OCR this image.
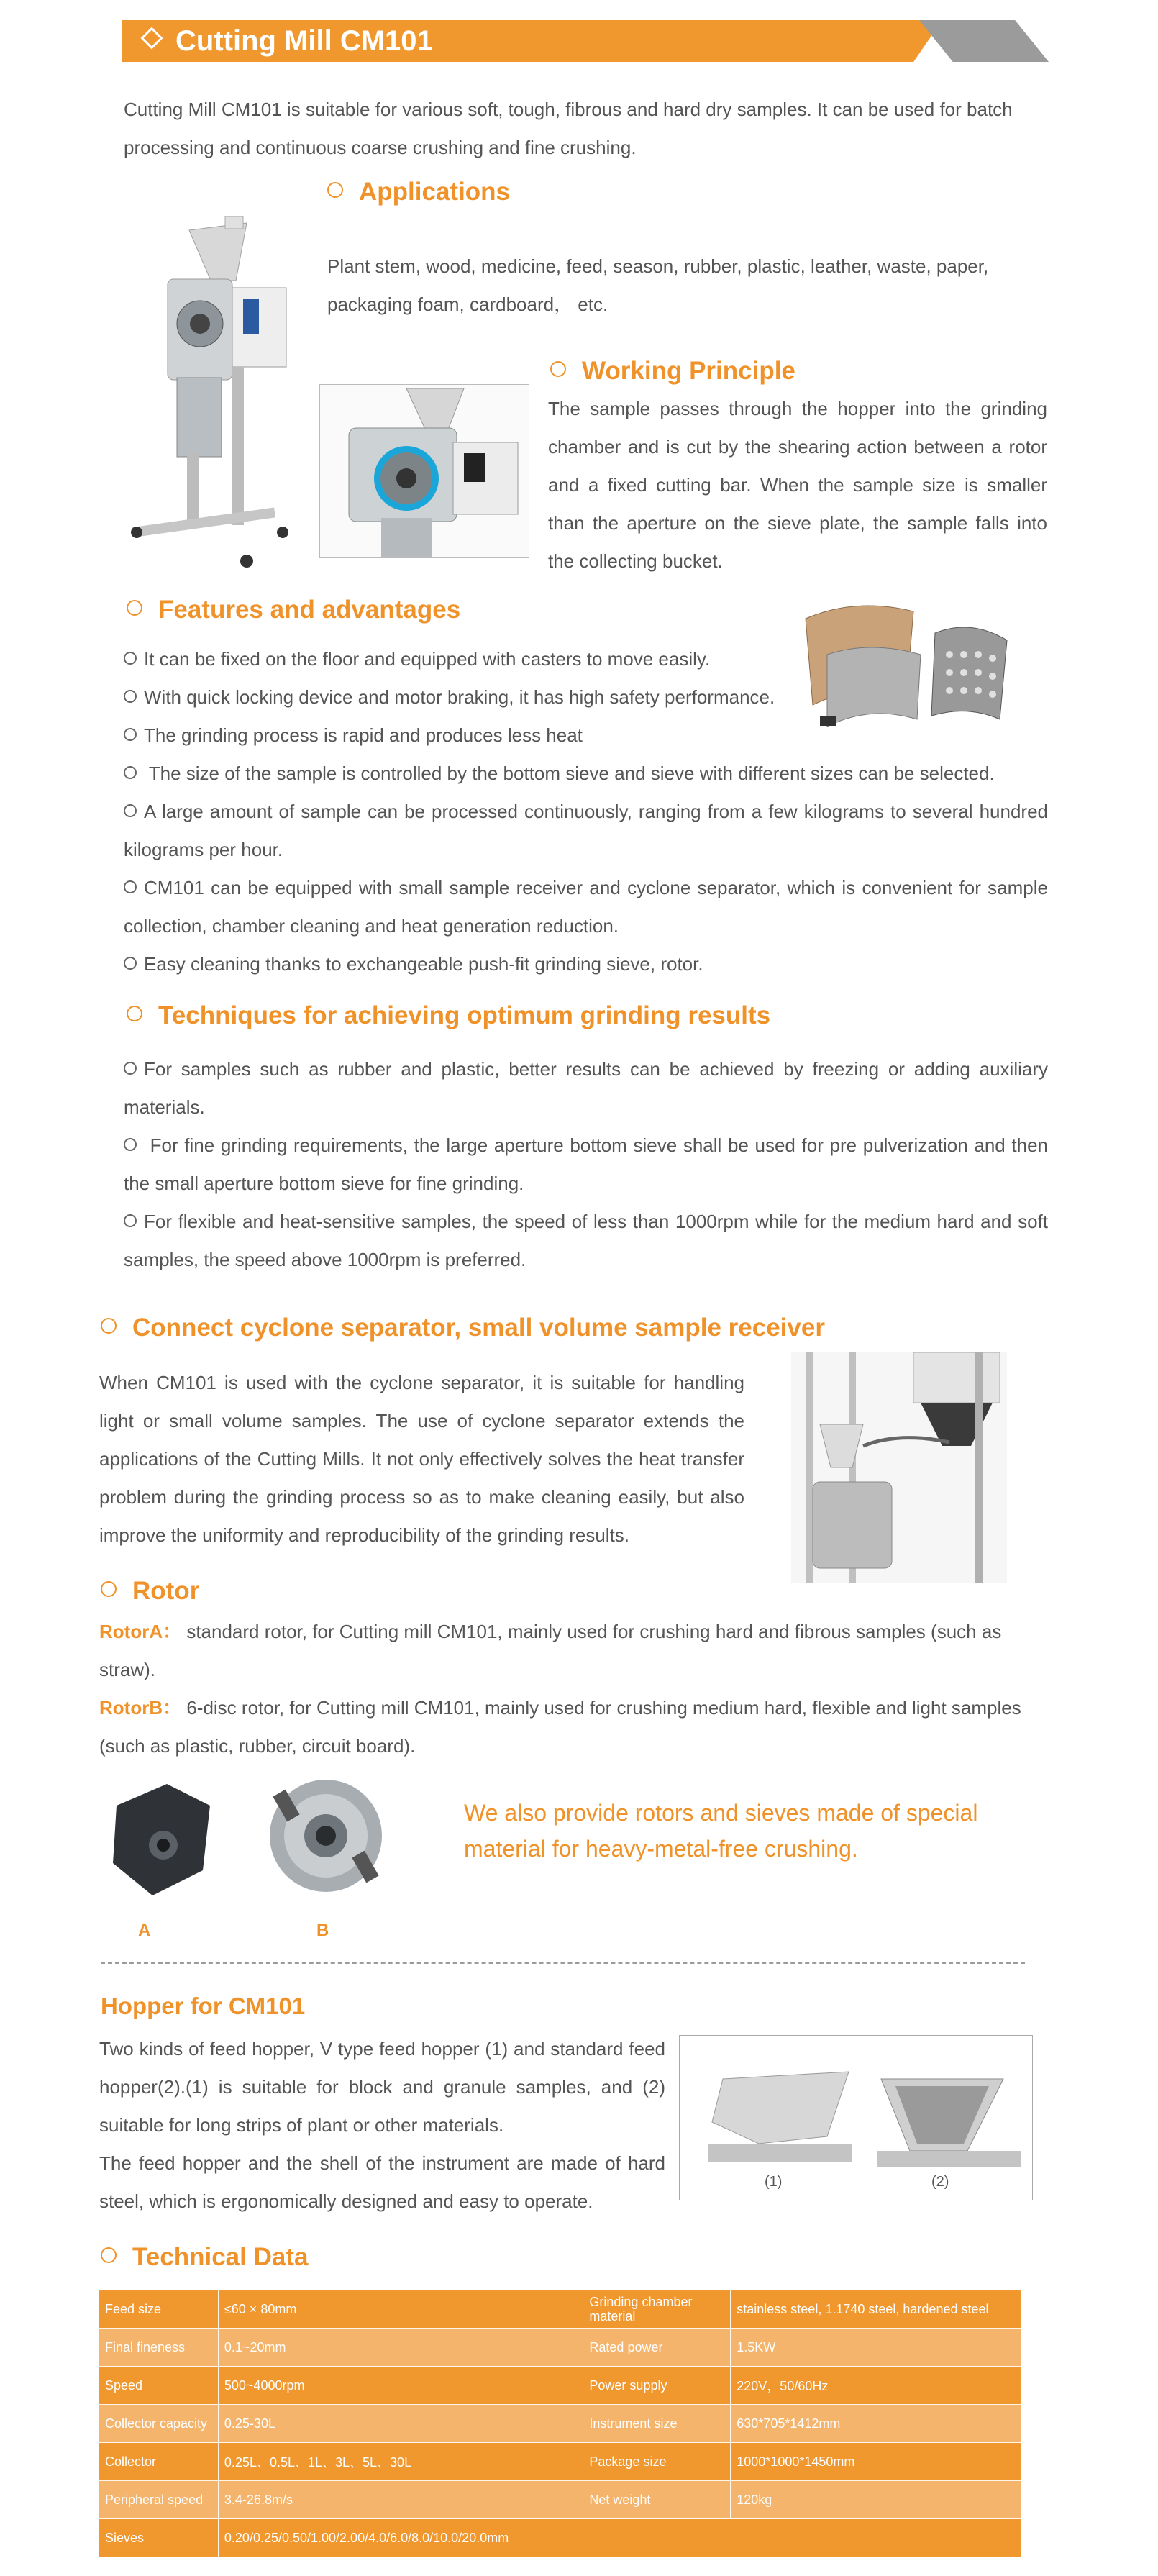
Cutting Mill CM101
Cutting Mill CM101 is suitable for various soft, tough, fibrous and hard dry samples. It can be used for batch processing and continuous coarse crushing and fine crushing.
Applications
Plant stem, wood, medicine, feed, season, rubber, plastic, leather, waste, paper, packaging foam, cardboard， etc.
Working Principle
The sample passes through the hopper into the grinding chamber and is cut by the shearing action between a rotor and a fixed cutting bar. When the sample size is smaller than the aperture on the sieve plate, the sample falls into the collecting bucket.
Features and advantages
It can be fixed on the floor and equipped with casters to move easily.
With quick locking device and motor braking, it has high safety performance.
The grinding process is rapid and produces less heat
The size of the sample is controlled by the bottom sieve and sieve with different sizes can be selected.
A large amount of sample can be processed continuously, ranging from a few kilograms to several hundred kilograms per hour.
CM101 can be equipped with small sample receiver and cyclone separator, which is convenient for sample collection, chamber cleaning and heat generation reduction.
Easy cleaning thanks to exchangeable push-fit grinding sieve, rotor.
Techniques for achieving optimum grinding results
For samples such as rubber and plastic, better results can be achieved by freezing or adding auxiliary materials.
For fine grinding requirements, the large aperture bottom sieve shall be used for pre pulverization and then the small aperture bottom sieve for fine grinding.
For flexible and heat-sensitive samples, the speed of less than 1000rpm while for the medium hard and soft samples, the speed above 1000rpm is preferred.
Connect cyclone separator, small volume sample receiver
When CM101 is used with the cyclone separator, it is suitable for handling light or small volume samples. The use of cyclone separator extends the applications of the Cutting Mills. It not only effectively solves the heat transfer problem during the grinding process so as to make cleaning easily, but also improve the uniformity and reproducibility of the grinding results.
Rotor
RotorA： standard rotor, for Cutting mill CM101, mainly used for crushing hard and fibrous samples (such as straw).
RotorB： 6-disc rotor, for Cutting mill CM101, mainly used for crushing medium hard, flexible and light samples (such as plastic, rubber, circuit board).
A	B
We also provide rotors and sieves made of special material for heavy-metal-free crushing.
Hopper for CM101
Two kinds of feed hopper, V type feed hopper (1) and standard feed hopper(2).(1) is suitable for block and granule samples, and (2) suitable for long strips of plant or other materials.
The feed hopper and the shell of the instrument are made of hard steel, which is ergonomically designed and easy to operate.
(1)	(2)
Technical Data
Feed size	≤60 × 80mm	Grinding chamber material	stainless steel, 1.1740 steel, hardened steel
Final fineness	0.1~20mm	Rated power	1.5KW
Speed	500~4000rpm	Power supply	220V，50/60Hz
Collector capacity	0.25-30L	Instrument size	630*705*1412mm
Collector	0.25L、0.5L、1L、3L、5L、30L	Package size	1000*1000*1450mm
Peripheral speed	3.4-26.8m/s	Net weight	120kg
Sieves	0.20/0.25/0.50/1.00/2.00/4.0/6.0/8.0/10.0/20.0mm		
